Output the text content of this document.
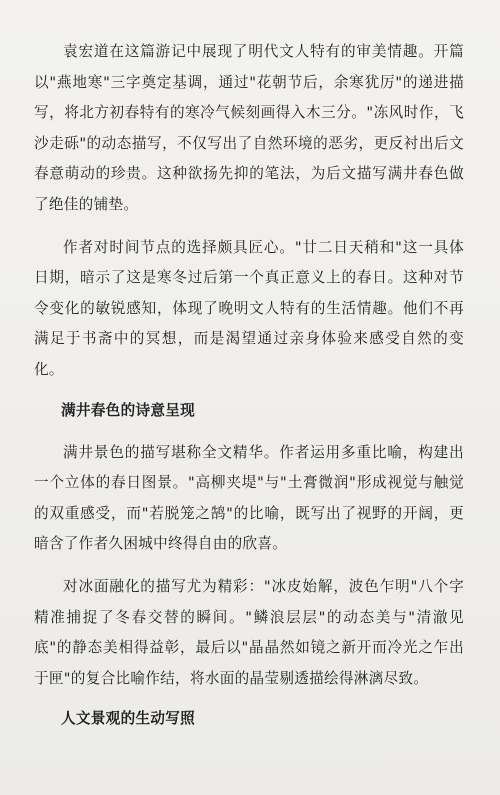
袁宏道在这篇游记中展现了明代文人特有的审美情趣。开篇以"燕地寒"三字奠定基调，通过"花朝节后，余寒犹厉"的递进描写，将北方初春特有的寒冷气候刻画得入木三分。"冻风时作，飞沙走砾"的动态描写，不仅写出了自然环境的恶劣，更反衬出后文春意萌动的珍贵。这种欲扬先抑的笔法，为后文描写满井春色做了绝佳的铺垫。

作者对时间节点的选择颇具匠心。"廿二日天稍和"这一具体日期，暗示了这是寒冬过后第一个真正意义上的春日。这种对节令变化的敏锐感知，体现了晚明文人特有的生活情趣。他们不再满足于书斋中的冥想，而是渴望通过亲身体验来感受自然的变化。

满井春色的诗意呈现

满井景色的描写堪称全文精华。作者运用多重比喻，构建出一个立体的春日图景。"高柳夹堤"与"土膏微润"形成视觉与触觉的双重感受，而"若脱笼之鹄"的比喻，既写出了视野的开阔，更暗含了作者久困城中终得自由的欣喜。

对冰面融化的描写尤为精彩："冰皮始解，波色乍明"八个字精准捕捉了冬春交替的瞬间。"鳞浪层层"的动态美与"清澈见底"的静态美相得益彰，最后以"晶晶然如镜之新开而冷光之乍出于匣"的复合比喻作结，将水面的晶莹剔透描绘得淋漓尽致。

人文景观的生动写照
